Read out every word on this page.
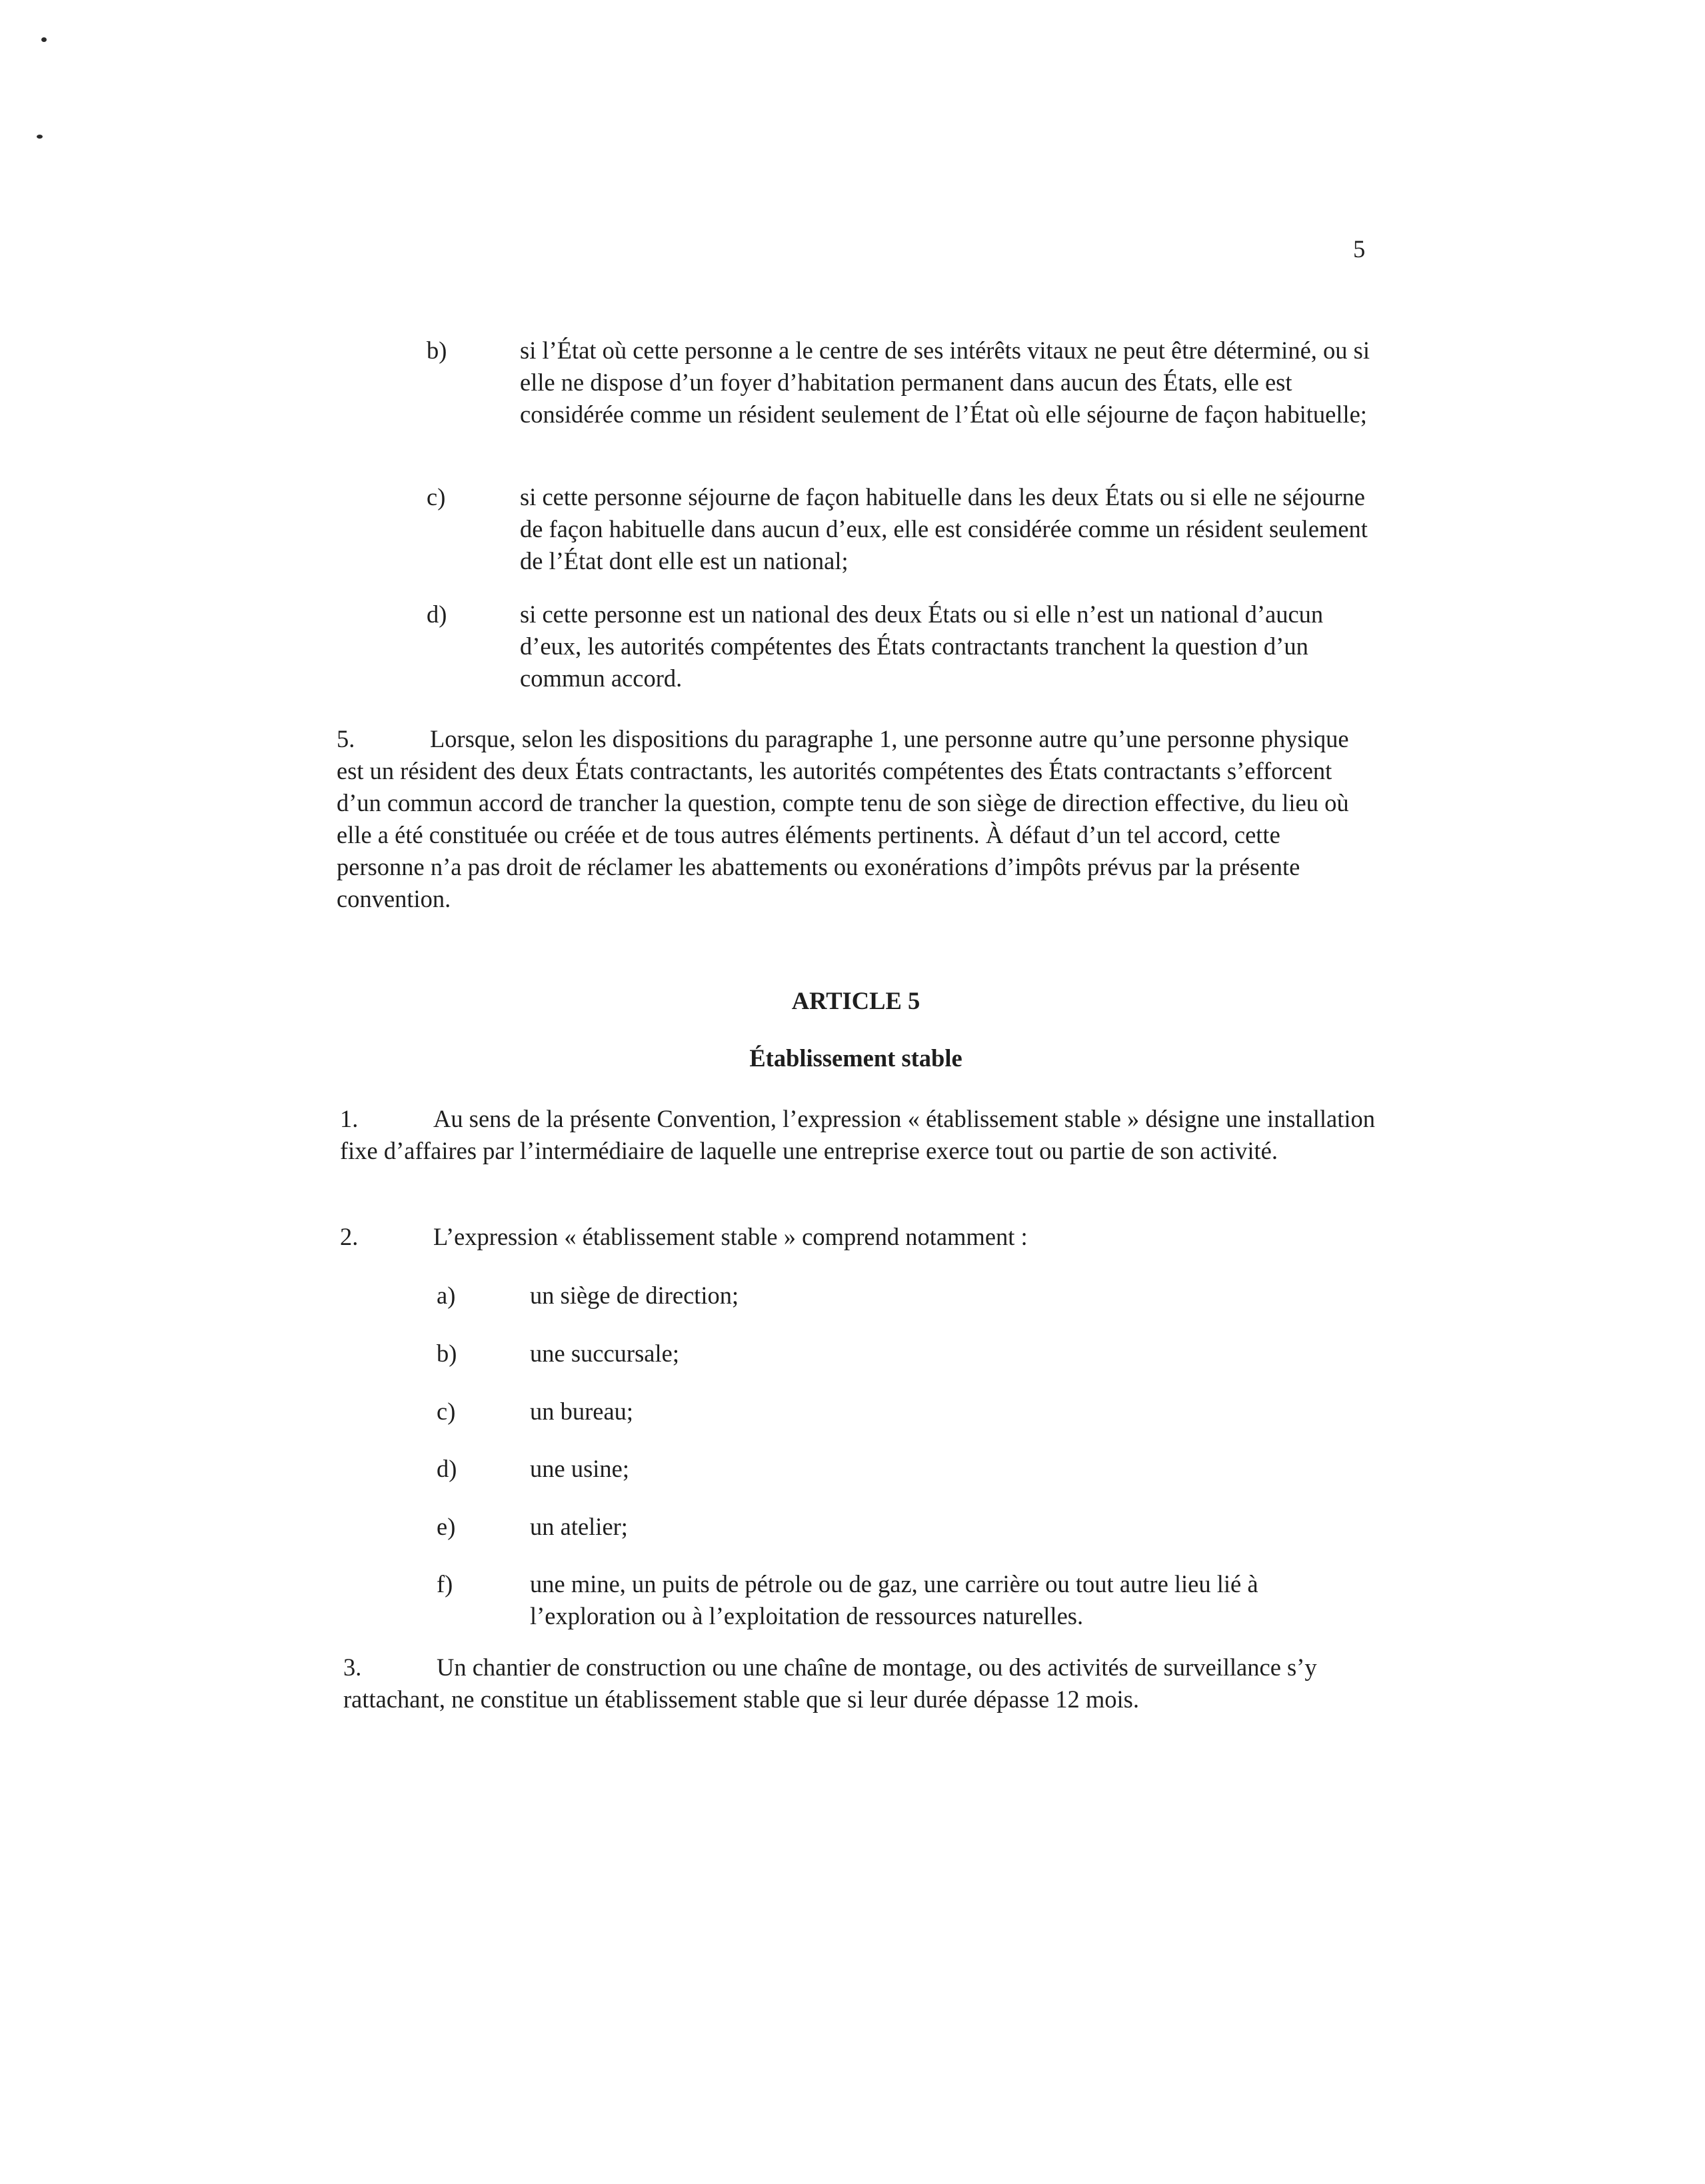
5
b)	si l’État où cette personne a le centre de ses intérêts vitaux ne peut être déterminé, ou si elle ne dispose d’un foyer d’habitation permanent dans aucun des États, elle est considérée comme un résident seulement de l’État où elle séjourne de façon habituelle;
c)	si cette personne séjourne de façon habituelle dans les deux États ou si elle ne séjourne de façon habituelle dans aucun d’eux, elle est considérée comme un résident seulement de l’État dont elle est un national;
d)	si cette personne est un national des deux États ou si elle n’est un national d’aucun d’eux, les autorités compétentes des États contractants tranchent la question d’un commun accord.
5.	Lorsque, selon les dispositions du paragraphe 1, une personne autre qu’une personne physique est un résident des deux États contractants, les autorités compétentes des États contractants s’efforcent d’un commun accord de trancher la question, compte tenu de son siège de direction effective, du lieu où elle a été constituée ou créée et de tous autres éléments pertinents. À défaut d’un tel accord, cette personne n’a pas droit de réclamer les abattements ou exonérations d’impôts prévus par la présente convention.
ARTICLE 5
Établissement stable
1.	Au sens de la présente Convention, l’expression « établissement stable » désigne une installation fixe d’affaires par l’intermédiaire de laquelle une entreprise exerce tout ou partie de son activité.
2.	L’expression « établissement stable » comprend notamment :
a)	un siège de direction;
b)	une succursale;
c)	un bureau;
d)	une usine;
e)	un atelier;
f)	une mine, un puits de pétrole ou de gaz, une carrière ou tout autre lieu lié à l’exploration ou à l’exploitation de ressources naturelles.
3.	Un chantier de construction ou une chaîne de montage, ou des activités de surveillance s’y rattachant, ne constitue un établissement stable que si leur durée dépasse 12 mois.
